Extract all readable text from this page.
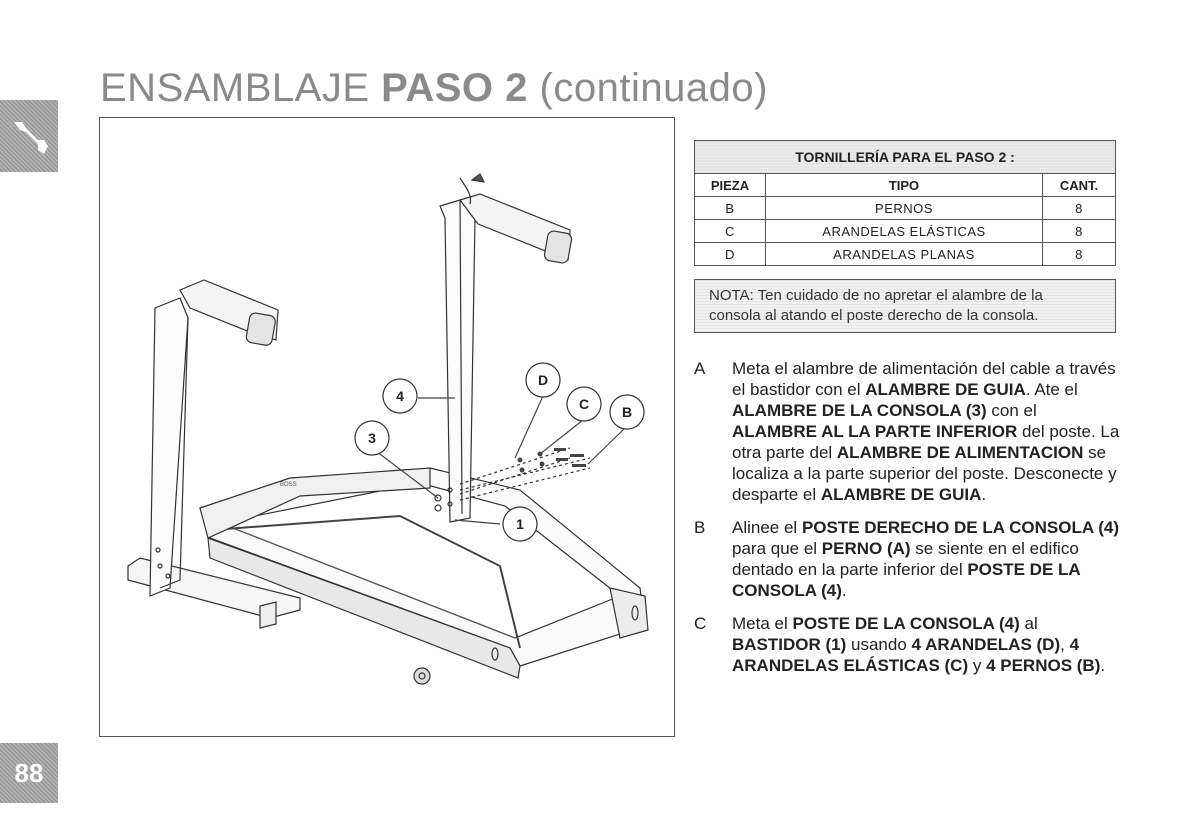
88
ENSAMBLAJE PASO 2 (continuado)
BOSS
D
C B
4
3
1
TORNILLERÍA PARA EL PASO 2 :		
PIEZA	TIPO	CANT.
B	PERNOS	8
C	ARANDELAS ELÁSTICAS	8
D	ARANDELAS PLANAS	8
NOTA: Ten cuidado de no apretar el alambre de la
consola al atando el poste derecho de la consola.
A	Meta el alambre de alimentación del cable a través el bastidor con el ALAMBRE DE GUIA. Ate el ALAMBRE DE LA CONSOLA (3) con el ALAMBRE AL LA PARTE INFERIOR del poste. La otra parte del ALAMBRE DE ALIMENTACION se localiza a la parte superior del poste. Desconecte y desparte el ALAMBRE DE GUIA.
B	Alinee el POSTE DERECHO DE LA CONSOLA (4) para que el PERNO (A) se siente en el edifico dentado en la parte inferior del POSTE DE LA CONSOLA (4).
C	Meta el POSTE DE LA CONSOLA (4) al BASTIDOR (1) usando 4 ARANDELAS (D), 4 ARANDELAS ELÁSTICAS (C) y 4 PERNOS (B).
